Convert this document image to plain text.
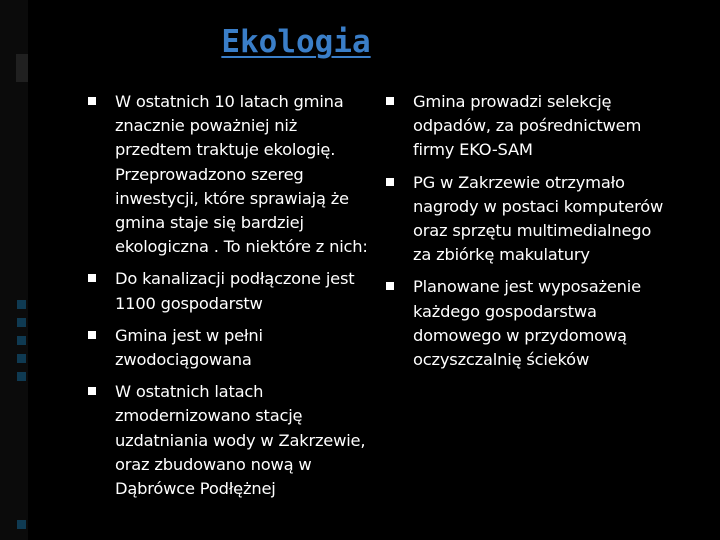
Ekologia
W ostatnich 10 latach gmina
znacznie poważniej niż
przedtem traktuje ekologię.
Przeprowadzono szereg
inwestycji, które sprawiają że
gmina staje się bardziej
ekologiczna . To niektóre z nich:
Do kanalizacji podłączone jest
1100 gospodarstw
Gmina jest w pełni
zwodociągowana
W ostatnich latach
zmodernizowano stację
uzdatniania wody w Zakrzewie,
oraz zbudowano nową w
Dąbrówce Podłężnej
Gmina prowadzi selekcję
odpadów, za pośrednictwem
firmy EKO-SAM
PG w Zakrzewie otrzymało
nagrody w postaci komputerów
oraz sprzętu multimedialnego
za zbiórkę makulatury
Planowane jest wyposażenie
każdego gospodarstwa
domowego w przydomową
oczyszczalnię ścieków
